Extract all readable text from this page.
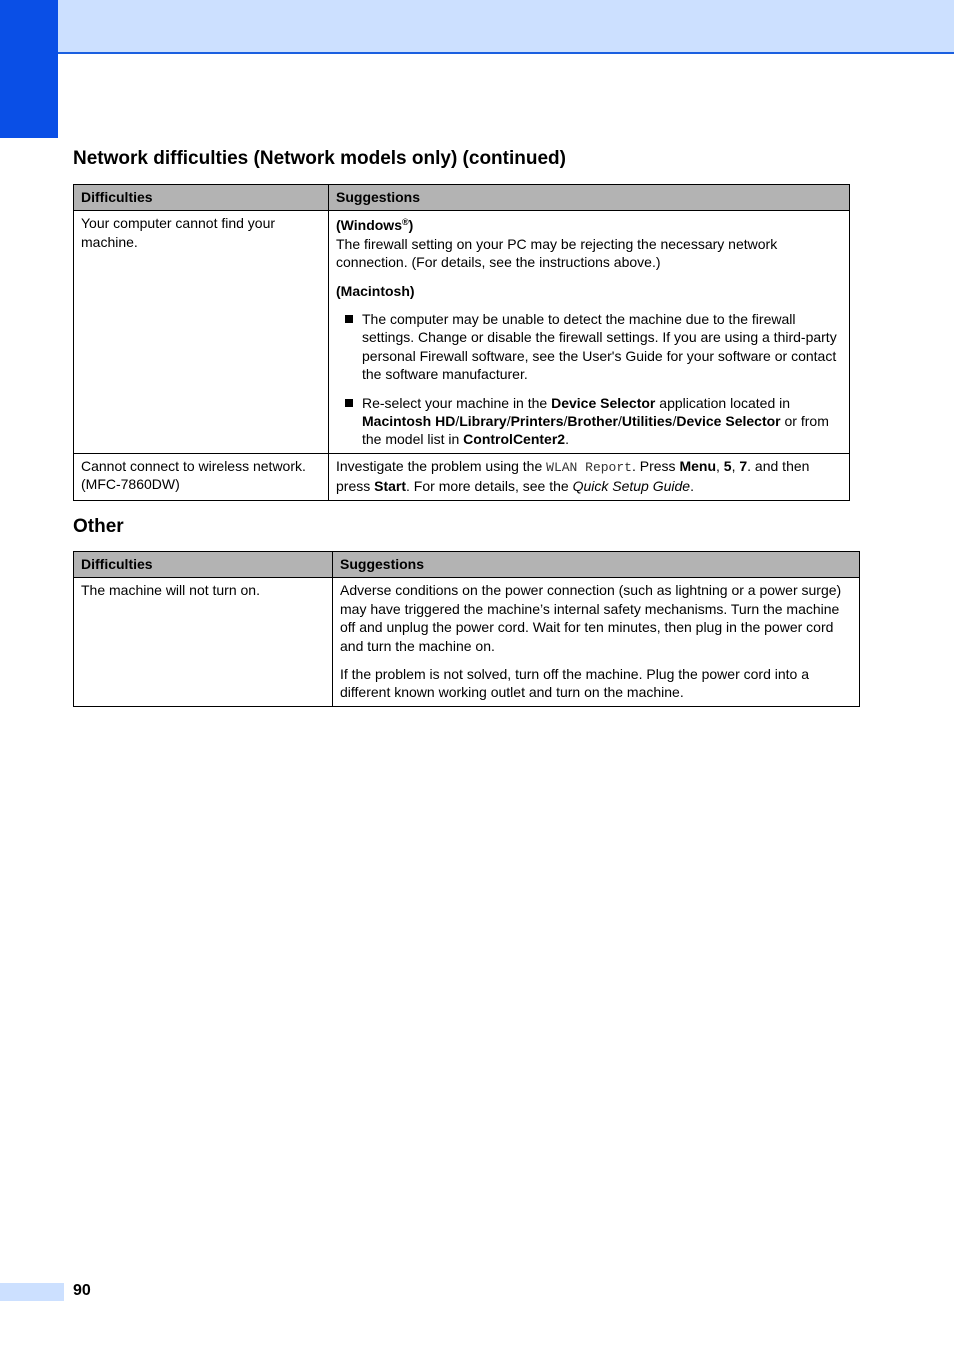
Network difficulties (Network models only) (continued)
Difficulties	Suggestions
Your computer cannot find your machine.	(Windows®)

The firewall setting on your PC may be rejecting the necessary network connection. (For details, see the instructions above.)

(Macintosh)

The computer may be unable to detect the machine due to the firewall settings. Change or disable the firewall settings. If you are using a third-party personal Firewall software, see the User's Guide for your software or contact the software manufacturer.
Re-select your machine in the Device Selector application located in Macintosh HD/Library/Printers/Brother/Utilities/Device Selector or from the model list in ControlCenter2.

Cannot connect to wireless network. (MFC-7860DW)	Investigate the problem using the WLAN Report. Press Menu, 5, 7. and then press Start. For more details, see the Quick Setup Guide.
Other
Difficulties	Suggestions
The machine will not turn on.	Adverse conditions on the power connection (such as lightning or a power surge) may have triggered the machine’s internal safety mechanisms. Turn the machine off and unplug the power cord. Wait for ten minutes, then plug in the power cord and turn the machine on.

If the problem is not solved, turn off the machine. Plug the power cord into a different known working outlet and turn on the machine.

90
